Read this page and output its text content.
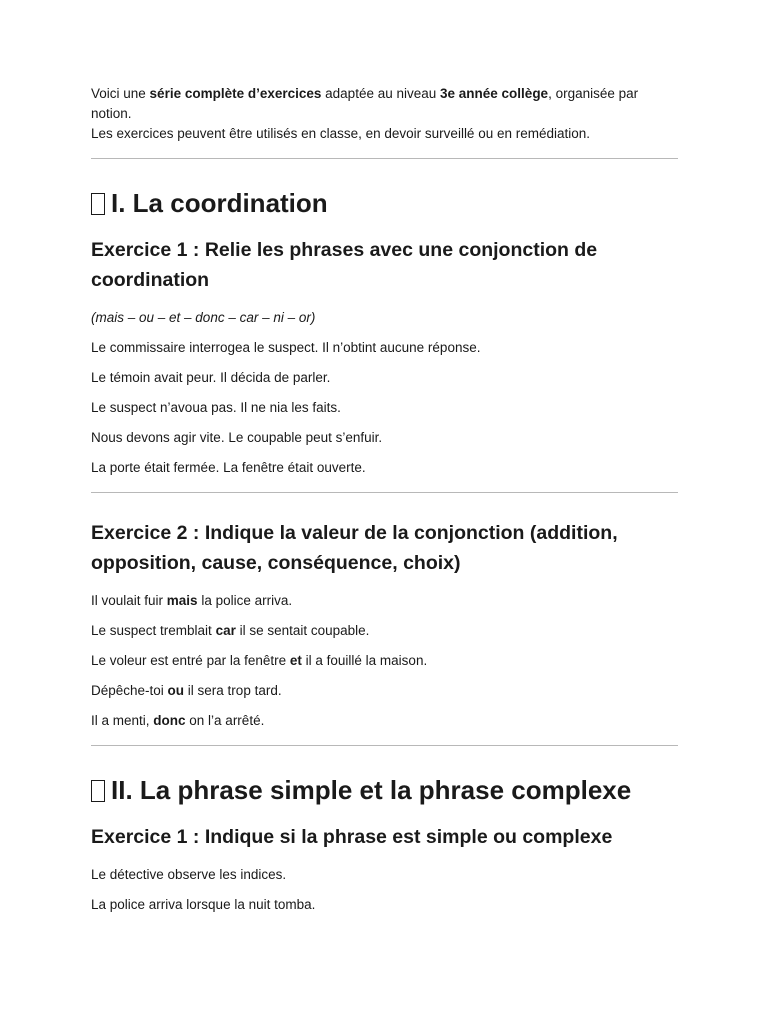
Voici une série complète d’exercices adaptée au niveau 3e année collège, organisée par notion.

Les exercices peuvent être utilisés en classe, en devoir surveillé ou en remédiation.

I. La coordination
Exercice 1 : Relie les phrases avec une conjonction de coordination

(mais – ou – et – donc – car – ni – or)

Le commissaire interrogea le suspect. Il n’obtint aucune réponse.

Le témoin avait peur. Il décida de parler.

Le suspect n’avoua pas. Il ne nia les faits.

Nous devons agir vite. Le coupable peut s’enfuir.

La porte était fermée. La fenêtre était ouverte.

Exercice 2 : Indique la valeur de la conjonction (addition, opposition, cause, conséquence, choix)

Il voulait fuir mais la police arriva.

Le suspect tremblait car il se sentait coupable.

Le voleur est entré par la fenêtre et il a fouillé la maison.

Dépêche-toi ou il sera trop tard.

Il a menti, donc on l’a arrêté.

II. La phrase simple et la phrase complexe
Exercice 1 : Indique si la phrase est simple ou complexe

Le détective observe les indices.

La police arriva lorsque la nuit tomba.
